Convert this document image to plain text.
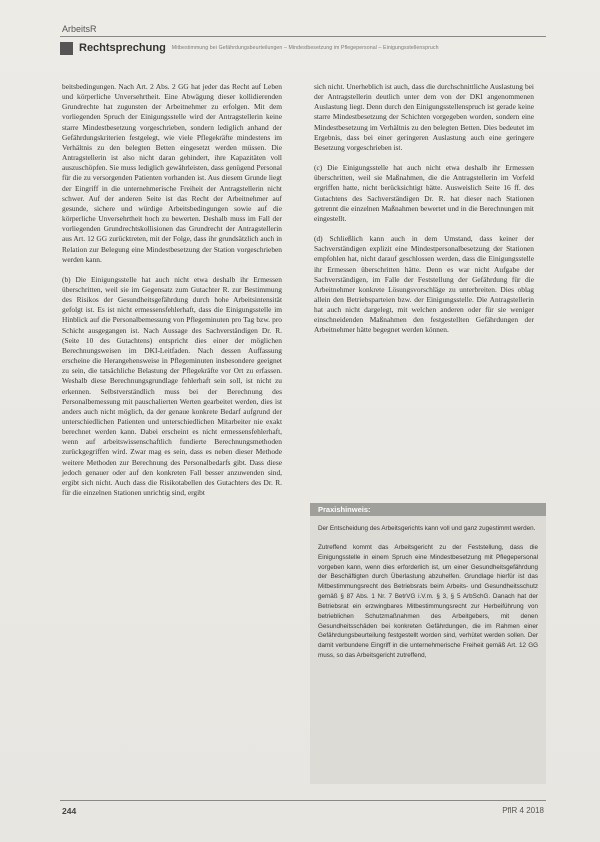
ArbeitsR
Rechtsprechung Mitbestimmung bei Gefährdungsbeurteilungen – Mindestbesetzung im Pflegepersonal – Einigungsstellenspruch

beitsbedingungen. Nach Art. 2 Abs. 2 GG hat jeder das Recht auf Leben und körperliche Unversehrtheit. Eine Abwägung dieser kollidierenden Grundrechte hat zugunsten der Arbeitnehmer zu erfolgen. Mit dem vorliegenden Spruch der Einigungsstelle wird der Antragstellerin keine starre Mindestbesetzung vorgeschrieben, sondern lediglich anhand der Gefährdungskriterien festgelegt, wie viele Pflegekräfte mindestens im Verhältnis zu den belegten Betten eingesetzt werden müssen. Die Antragstellerin ist also nicht daran gehindert, ihre Kapazitäten voll auszuschöpfen. Sie muss lediglich gewährleisten, dass genügend Personal für die zu versorgenden Patienten vorhanden ist. Aus diesem Grunde liegt der Eingriff in die unternehmerische Freiheit der Antragstellerin nicht schwer. Auf der anderen Seite ist das Recht der Arbeitnehmer auf gesunde, sichere und würdige Arbeitsbedingungen sowie auf die körperliche Unversehrtheit hoch zu bewerten. Deshalb muss im Fall der vorliegenden Grundrechtskollisionen das Grundrecht der Antragstellerin aus Art. 12 GG zurücktreten, mit der Folge, dass ihr grundsätzlich auch in Relation zur Belegung eine Mindestbesetzung der Station vorgeschrieben werden kann.

(b) Die Einigungsstelle hat auch nicht etwa deshalb ihr Ermessen überschritten, weil sie im Gegensatz zum Gutachter R. zur Bestimmung des Risikos der Gesundheitsgefährdung durch hohe Arbeitsintensität gefolgt ist. Es ist nicht ermessensfehlerhaft, dass die Einigungsstelle im Hinblick auf die Personalbemessung von Pflegeminuten pro Tag bzw. pro Schicht ausgegangen ist. Nach Aussage des Sachverständigen Dr. R. (Seite 10 des Gutachtens) entspricht dies einer der möglichen Berechnungsweisen im DKI-Leitfaden. Nach dessen Auffassung erscheine die Herangehensweise in Pflegeminuten insbesondere geeignet zu sein, die tatsächliche Belastung der Pflegekräfte vor Ort zu erfassen. Weshalb diese Berechnungsgrundlage fehlerhaft sein soll, ist nicht zu erkennen. Selbstverständlich muss bei der Berechnung des Personalbemessung mit pauschalierten Werten gearbeitet werden, dies ist anders auch nicht möglich, da der genaue konkrete Bedarf aufgrund der unterschiedlichen Patienten und unterschiedlichen Mitarbeiter nie exakt berechnet werden kann. Dabei erscheint es nicht ermessensfehlerhaft, wenn auf arbeitswissenschaftlich fundierte Berechnungsmethoden zurückgegriffen wird. Zwar mag es sein, dass es neben dieser Methode weitere Methoden zur Berechnung des Personalbedarfs gibt. Dass diese jedoch genauer oder auf den konkreten Fall besser anzuwenden sind, ergibt sich nicht. Auch dass die Risikotabellen des Gutachters des Dr. R. für die einzelnen Stationen unrichtig sind, ergibt

sich nicht. Unerheblich ist auch, dass die durchschnittliche Auslastung bei der Antragstellerin deutlich unter dem von der DKI angenommenen Auslastung liegt. Denn durch den Einigungsstellenspruch ist gerade keine starre Mindestbesetzung der Schichten vorgegeben worden, sondern eine Mindestbesetzung im Verhältnis zu den belegten Betten. Dies bedeutet im Ergebnis, dass bei einer geringeren Auslastung auch eine geringere Besetzung vorgeschrieben ist.

(c) Die Einigungsstelle hat auch nicht etwa deshalb ihr Ermessen überschritten, weil sie Maßnahmen, die die Antragstellerin im Vorfeld ergriffen hatte, nicht berücksichtigt hätte. Ausweislich Seite 16 ff. des Gutachtens des Sachverständigen Dr. R. hat dieser nach Stationen getrennt die einzelnen Maßnahmen bewertet und in die Berechnungen mit eingestellt.

(d) Schließlich kann auch in dem Umstand, dass keiner der Sachverständigen explizit eine Mindestpersonalbesetzung der Stationen empfohlen hat, nicht darauf geschlossen werden, dass die Einigungsstelle ihr Ermessen überschritten hätte. Denn es war nicht Aufgabe der Sachverständigen, im Falle der Feststellung der Gefährdung für die Arbeitnehmer konkrete Lösungsvorschläge zu unterbreiten. Dies oblag allein den Betriebsparteien bzw. der Einigungsstelle. Die Antragstellerin hat auch nicht dargelegt, mit welchen anderen oder für sie weniger einschneidenden Maßnahmen den festgestellten Gefährdungen der Arbeitnehmer hätte begegnet werden können.

Praxishinweis:

Der Entscheidung des Arbeitsgerichts kann voll und ganz zugestimmt werden.

Zutreffend kommt das Arbeitsgericht zu der Feststellung, dass die Einigungsstelle in einem Spruch eine Mindestbesetzung mit Pflegepersonal vorgeben kann, wenn dies erforderlich ist, um einer Gesundheitsgefährdung der Beschäftigten durch Überlastung abzuhelfen. Grundlage hierfür ist das Mitbestimmungsrecht des Betriebsrats beim Arbeits- und Gesundheitsschutz gemäß § 87 Abs. 1 Nr. 7 BetrVG i.V.m. § 3, § 5 ArbSchG. Danach hat der Betriebsrat ein erzwingbares Mitbestimmungsrecht zur Herbeiführung von betrieblichen Schutzmaßnahmen des Arbeitgebers, mit denen Gesundheitsschäden bei konkreten Gefährdungen, die im Rahmen einer Gefährdungsbeurteilung festgestellt worden sind, verhütet werden sollen. Der damit verbundene Eingriff in die unternehmerische Freiheit gemäß Art. 12 GG muss, so das Arbeitsgericht zutreffend,

244	PflR 4 2018
